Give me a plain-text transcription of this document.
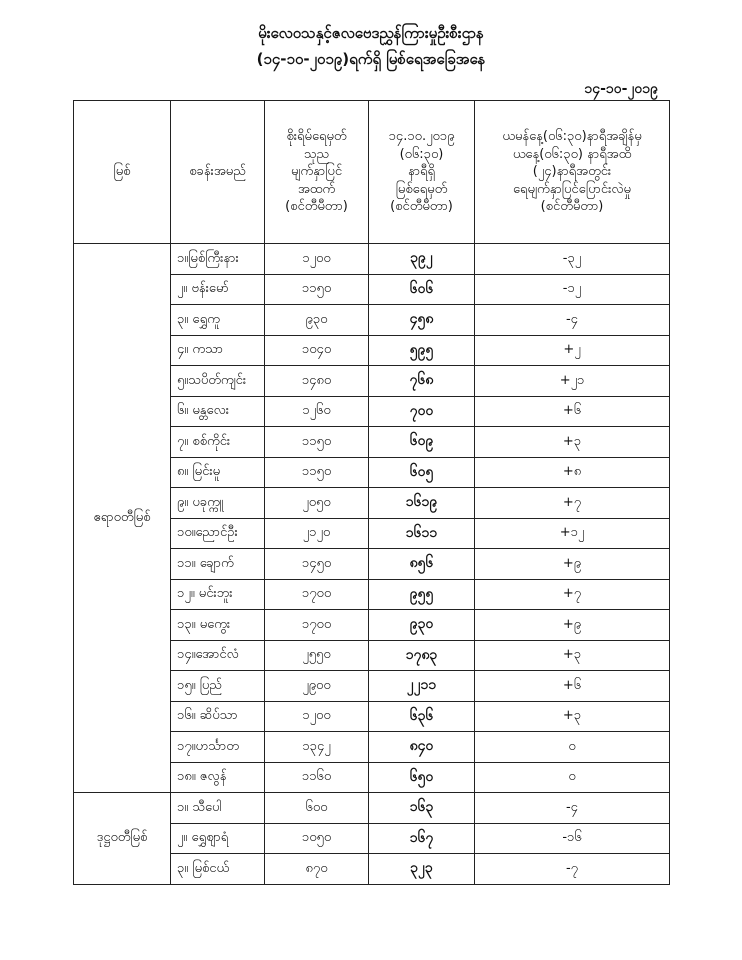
မိုးလေဝသနှင့်ဇလဗေဒညွှန်ကြားမှုဦးစီးဌာန
(၁၄-၁၀-၂၀၁၉)ရက်ရှိ မြစ်ရေအခြေအနေ
၁၄-၁၀-၂၀၁၉
မြစ်	စခန်းအမည်	စိုးရိမ်ရေမှတ်
သုည
မျက်နှာပြင်
အထက်
(စင်တီမီတာ)	၁၄.၁၀.၂၀၁၉
(၀၆:၃၀)
နာရီရှိ
မြစ်ရေမှတ်
(စင်တီမီတာ)	ယမန်နေ့(၀၆:၃၀)နာရီအချိန်မှ
ယနေ့(၀၆:၃၀) နာရီအထိ
(၂၄)နာရီအတွင်း
ရေမျက်နှာပြင်ပြောင်းလဲမှု
(စင်တီမီတာ)

ဧရာဝတီမြစ်	၁။မြစ်ကြီးနား	၁၂၀၀	၃၉၂	-၃၂
	၂။ ဗန်းမော်	၁၁၅၀	၆၀၆	-၁၂
	၃။ ရွှေကူ	၉၃၀	၄၅၈	-၄
	၄။ ကသာ	၁၀၄၀	၅၉၅	+၂
	၅။သပိတ်ကျင်း	၁၄၈၀	၇၆၈	+၂၁
	၆။ မန္တလေး	၁၂၆၀	၇၀၀	+၆
	၇။ စစ်ကိုင်း	၁၁၅၀	၆၀၉	+၃
	၈။ မြင်းမူ	၁၁၅၀	၆၀၅	+၈
	၉။ ပခုက္ကူ	၂၀၅၀	၁၆၁၉	+၇
	၁၀။ညောင်ဦး	၂၁၂၀	၁၆၁၁	+၁၂
	၁၁။ ချောက်	၁၄၅၀	၈၅၆	+၉
	၁၂။ မင်းဘူး	၁၇၀၀	၉၅၅	+၇
	၁၃။ မကွေး	၁၇၀၀	၉၃၀	+၉
	၁၄။အောင်လံ	၂၅၅၀	၁၇၈၃	+၃
	၁၅။ ပြည်	၂၉၀၀	၂၂၁၁	+၆
	၁၆။ ဆိပ်သာ	၁၂၀၀	၆၃၆	+၃
	၁၇။ဟင်္သာတ	၁၃၄၂	၈၄၀	၀
	၁၈။ ဇလွန်	၁၁၆၀	၆၅၀	၀
ဒုဋ္ဌဝတီမြစ်	၁။ သီပေါ	၆၀၀	၁၆၃	-၄
	၂။ ရွှေဈာရံ	၁၀၅၀	၁၆၇	-၁၆
	၃။ မြစ်ငယ်	၈၇၀	၃၂၃	-၇
